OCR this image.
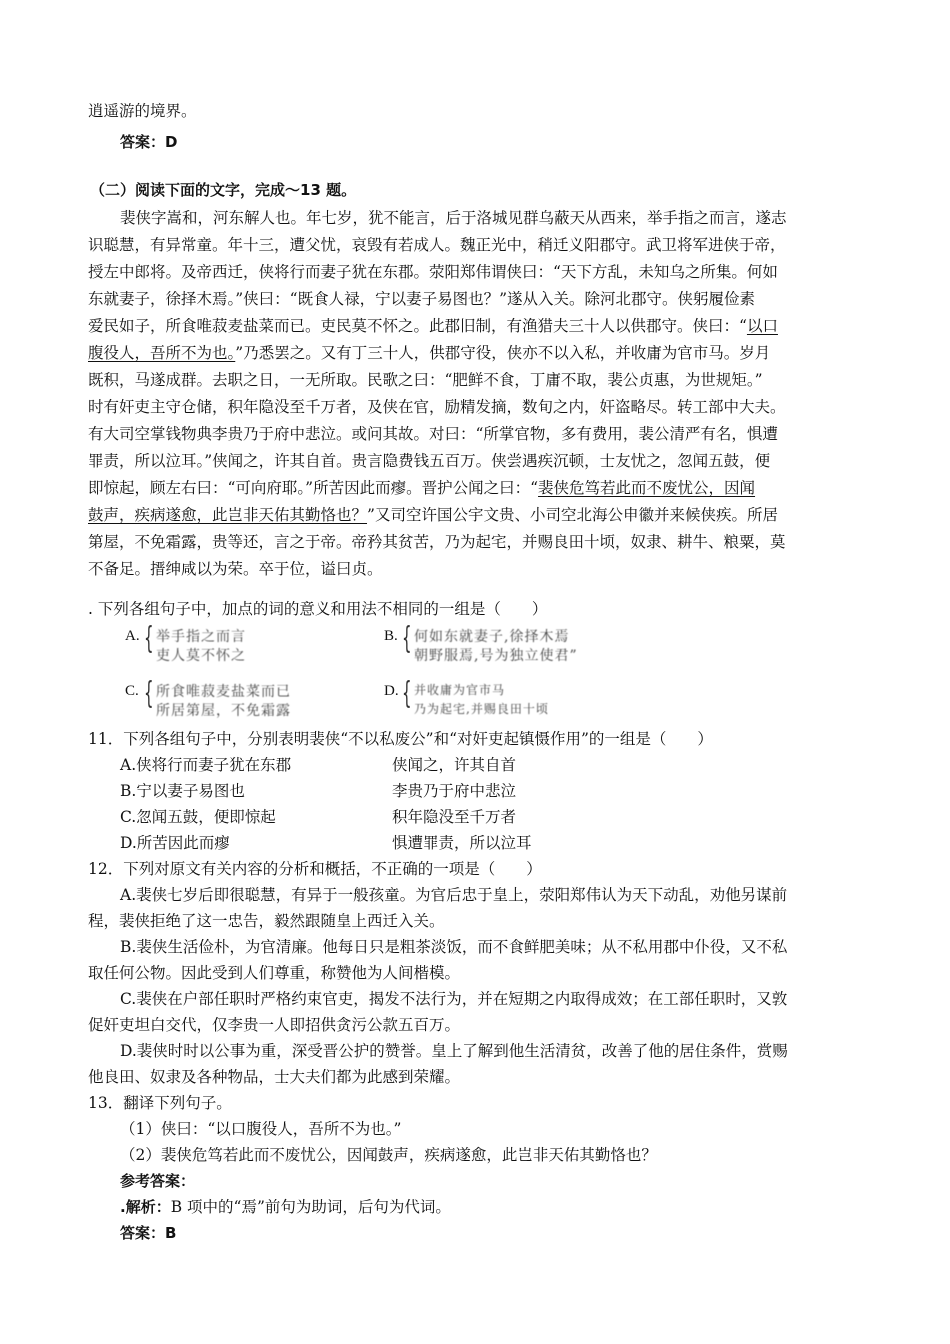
逍遥游的境界。
答案：D
（二）阅读下面的文字，完成～13 题。
裴侠字嵩和，河东解人也。年七岁，犹不能言，后于洛城见群乌蔽天从西来，举手指之而言，遂志
识聪慧，有异常童。年十三，遭父忧，哀毁有若成人。魏正光中，稍迁义阳郡守。武卫将军进侠于帝，
授左中郎将。及帝西迁，侠将行而妻子犹在东郡。荥阳郑伟谓侠曰：“天下方乱，未知乌之所集。何如
东就妻子，徐择木焉。”侠曰：“既食人禄，宁以妻子易图也？”遂从入关。除河北郡守。侠躬履俭素
爱民如子，所食唯菽麦盐菜而已。吏民莫不怀之。此郡旧制，有渔猎夫三十人以供郡守。侠曰：“以口
腹役人，吾所不为也。”乃悉罢之。又有丁三十人，供郡守役，侠亦不以入私，并收庸为官市马。岁月
既积，马遂成群。去职之日，一无所取。民歌之曰：“肥鲜不食，丁庸不取，裴公贞惠，为世规矩。”
时有奸吏主守仓储，积年隐没至千万者，及侠在官，励精发摘，数旬之内，奸盗略尽。转工部中大夫。
有大司空掌钱物典李贵乃于府中悲泣。或问其故。对曰：“所掌官物，多有费用，裴公清严有名，惧遭
罪责，所以泣耳。”侠闻之，许其自首。贵言隐费钱五百万。侠尝遇疾沉顿，士友忧之，忽闻五鼓，便
即惊起，顾左右曰：“可向府耶。”所苦因此而瘳。晋护公闻之曰：“裴侠危笃若此而不废忧公，因闻
鼓声，疾病遂愈，此岂非天佑其勤恪也？”又司空许国公宇文贵、小司空北海公申徽并来候侠疾。所居
第屋，不免霜露，贵等还，言之于帝。帝矜其贫苦，乃为起宅，并赐良田十顷，奴隶、耕牛、粮粟，莫
不备足。搢绅咸以为荣。卒于位，谥曰贞。
. 下列各组句子中，加点的词的意义和用法不相同的一组是（　　）
A. { 举手指之而言
吏人莫不怀之
B. { 何如东就妻子,徐择木焉
朝野服焉,号为独立使君”
C. { 所食唯菽麦盐菜而已
所居第屋，不免霜露
D. { 并收庸为官市马
乃为起宅,并赐良田十顷
11．下列各组句子中，分别表明裴侠“不以私废公”和“对奸吏起镇慑作用”的一组是（　　）
A.侠将行而妻子犹在东郡	侠闻之，许其自首
B.宁以妻子易图也	李贵乃于府中悲泣
C.忽闻五鼓，便即惊起	积年隐没至千万者
D.所苦因此而瘳	惧遭罪责，所以泣耳
12．下列对原文有关内容的分析和概括，不正确的一项是（　　）
A.裴侠七岁后即很聪慧，有异于一般孩童。为官后忠于皇上，荥阳郑伟认为天下动乱，劝他另谋前
程，裴侠拒绝了这一忠告，毅然跟随皇上西迁入关。
B.裴侠生活俭朴，为官清廉。他每日只是粗茶淡饭，而不食鲜肥美味；从不私用郡中仆役，又不私
取任何公物。因此受到人们尊重，称赞他为人间楷模。
C.裴侠在户部任职时严格约束官吏，揭发不法行为，并在短期之内取得成效；在工部任职时，又敦
促奸吏坦白交代，仅李贵一人即招供贪污公款五百万。
D.裴侠时时以公事为重，深受晋公护的赞誉。皇上了解到他生活清贫，改善了他的居住条件，赏赐
他良田、奴隶及各种物品，士大夫们都为此感到荣耀。
13．翻译下列句子。
（1）侠曰：“以口腹役人，吾所不为也。”
（2）裴侠危笃若此而不废忧公，因闻鼓声，疾病遂愈，此岂非天佑其勤恪也？
参考答案：
.解析：B 项中的“焉”前句为助词，后句为代词。
答案：B
